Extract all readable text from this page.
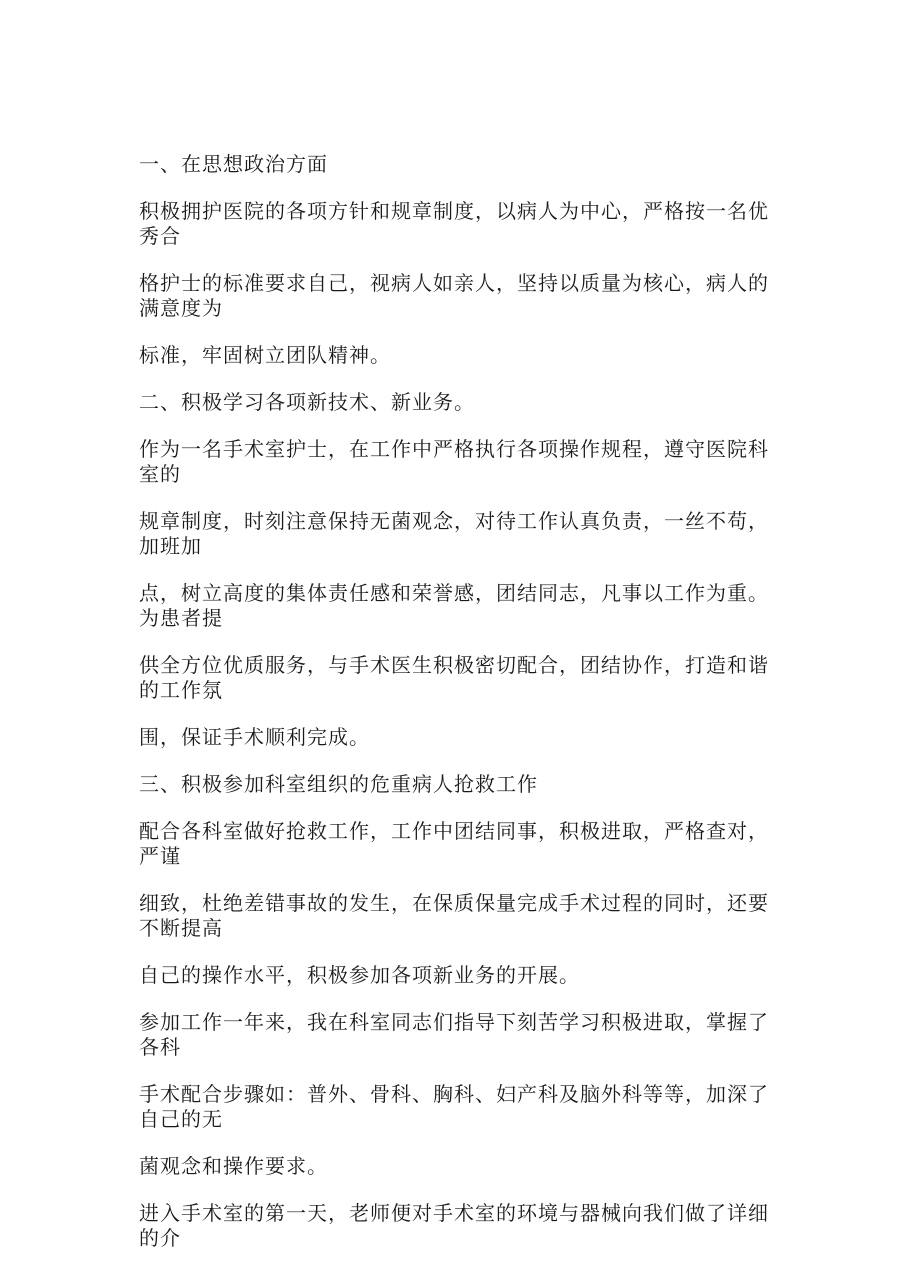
一、在思想政治方面

积极拥护医院的各项方针和规章制度，以病人为中心，严格按一名优秀合

格护士的标准要求自己，视病人如亲人，坚持以质量为核心，病人的满意度为

标准，牢固树立团队精神。

二、积极学习各项新技术、新业务。

作为一名手术室护士，在工作中严格执行各项操作规程，遵守医院科室的

规章制度，时刻注意保持无菌观念，对待工作认真负责，一丝不苟，加班加

点，树立高度的集体责任感和荣誉感，团结同志，凡事以工作为重。为患者提

供全方位优质服务，与手术医生积极密切配合，团结协作，打造和谐的工作氛

围，保证手术顺利完成。

三、积极参加科室组织的危重病人抢救工作

配合各科室做好抢救工作，工作中团结同事，积极进取，严格查对，严谨

细致，杜绝差错事故的发生，在保质保量完成手术过程的同时，还要不断提高

自己的操作水平，积极参加各项新业务的开展。

参加工作一年来，我在科室同志们指导下刻苦学习积极进取，掌握了各科

手术配合步骤如：普外、骨科、胸科、妇产科及脑外科等等，加深了自己的无

菌观念和操作要求。

进入手术室的第一天，老师便对手术室的环境与器械向我们做了详细的介
